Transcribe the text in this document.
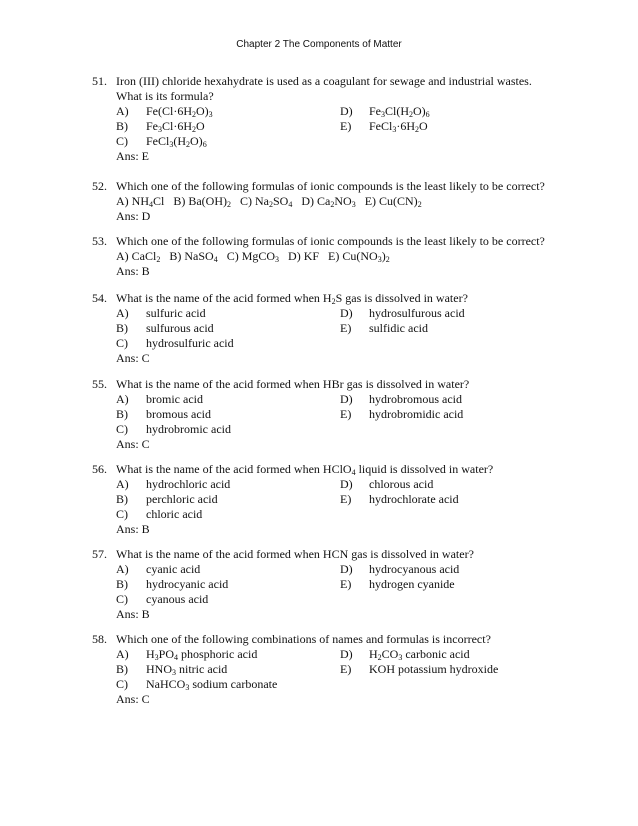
Chapter 2 The Components of Matter
51. Iron (III) chloride hexahydrate is used as a coagulant for sewage and industrial wastes.
What is its formula?
A) $Fe(Cl\cdot 6H_2O)_3$	D) $Fe_3Cl(H_2O)_6$
B) $Fe_3Cl\cdot 6H_2O$	E) $FeCl_3\cdot 6H_2O$
C) $FeCl_3(H_2O)_6$
Ans: E
52. Which one of the following formulas of ionic compounds is the least likely to be correct?
A) $NH_4Cl$   B) $Ba(OH)_2$   C) $Na_2SO_4$   D) $Ca_2NO_3$   E) $Cu(CN)_2$
Ans: D
53. Which one of the following formulas of ionic compounds is the least likely to be correct?
A) CaCl$_2$   B) NaSO$_4$   C) MgCO$_3$   D) KF   E) $Cu(NO_3)_2$
Ans: B
54. What is the name of the acid formed when $H_2S$ gas is dissolved in water?
A) sulfuric acid	D) hydrosulfurous acid
B) sulfurous acid	E) sulfidic acid
C) hydrosulfuric acid
Ans: C
55. What is the name of the acid formed when HBr gas is dissolved in water?
A) bromic acid	D) hydrobromous acid
B) bromous acid	E) hydrobromidic acid
C) hydrobromic acid
Ans: C
56. What is the name of the acid formed when HClO$_4$ liquid is dissolved in water?
A) hydrochloric acid	D) chlorous acid
B) perchloric acid	E) hydrochlorate acid
C) chloric acid
Ans: B
57. What is the name of the acid formed when HCN gas is dissolved in water?
A) cyanic acid	D) hydrocyanous acid
B) hydrocyanic acid	E) hydrogen cyanide
C) cyanous acid
Ans: B
58. Which one of the following combinations of names and formulas is incorrect?
A) $H_3PO_4$ phosphoric acid	D) $H_2CO_3$ carbonic acid
B) $HNO_3$ nitric acid	E) KOH potassium hydroxide
C) NaHCO$_3$ sodium carbonate
Ans: C
